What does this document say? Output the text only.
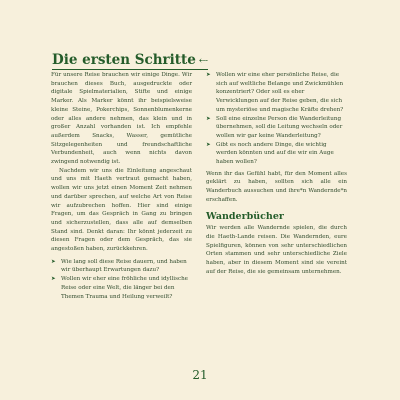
Die ersten Schritte ⇠

Für unsere Reise brauchen wir einige Dinge. Wir brauchen dieses Buch, ausgedruckte oder digitale Spielmaterialien, Stifte und einige Marker. Als Marker könnt ihr beispielsweise kleine Steine, Pokerchips, Sonnenblumenkerne oder alles andere nehmen, das klein und in großer Anzahl vorhanden ist. Ich empfehle außerdem Snacks, Wasser, gemütliche Sitzgelegenheiten und freundschaftliche Verbundenheit, auch wenn nichts davon zwingend notwendig ist.

Nachdem wir uns die Einleitung angeschaut und uns mit Haeth vertraut gemacht haben, wollen wir uns jetzt einen Moment Zeit nehmen und darüber sprechen, auf welche Art von Reise wir aufzubrechen hoffen. Hier sind einige Fragen, um das Gespräch in Gang zu bringen und sicherzustellen, dass alle auf demselben Stand sind. Denkt daran: Ihr könnt jederzeit zu diesen Fragen oder dem Gespräch, das sie angestoßen haben, zurückkehren.

➤ Wie lang soll diese Reise dauern, und haben wir überhaupt Erwartungen dazu?
➤ Wollen wir eher eine fröhliche und idyllische Reise oder eine Welt, die länger bei den Themen Trauma und Heilung verweilt?
➤ Wollen wir eine eher persönliche Reise, die sich auf weltliche Belange und Zwickmühlen konzentriert? Oder soll es eher Verwicklungen auf der Reise geben, die sich um mysteriöse und magische Kräfte drehen?
➤ Soll eine einzelne Person die Wanderleitung übernehmen, soll die Leitung wechseln oder wollen wir gar keine Wanderleitung?
➤ Gibt es noch andere Dinge, die wichtig werden könnten und auf die wir ein Auge haben wollen?

Wenn ihr das Gefühl habt, für den Moment alles geklärt zu haben, sollten sich alle ein Wanderbuch aussuchen und ihre*n Wandernde*n erschaffen.

Wanderbücher

Wir werden alle Wandernde spielen, die durch die Haeth-Lande reisen. Die Wandernden, eure Spielfiguren, können von sehr unterschiedlichen Orten stammen und sehr unterschiedliche Ziele haben, aber in diesem Moment sind sie vereint auf der Reise, die sie gemeinsam unternehmen.

21
